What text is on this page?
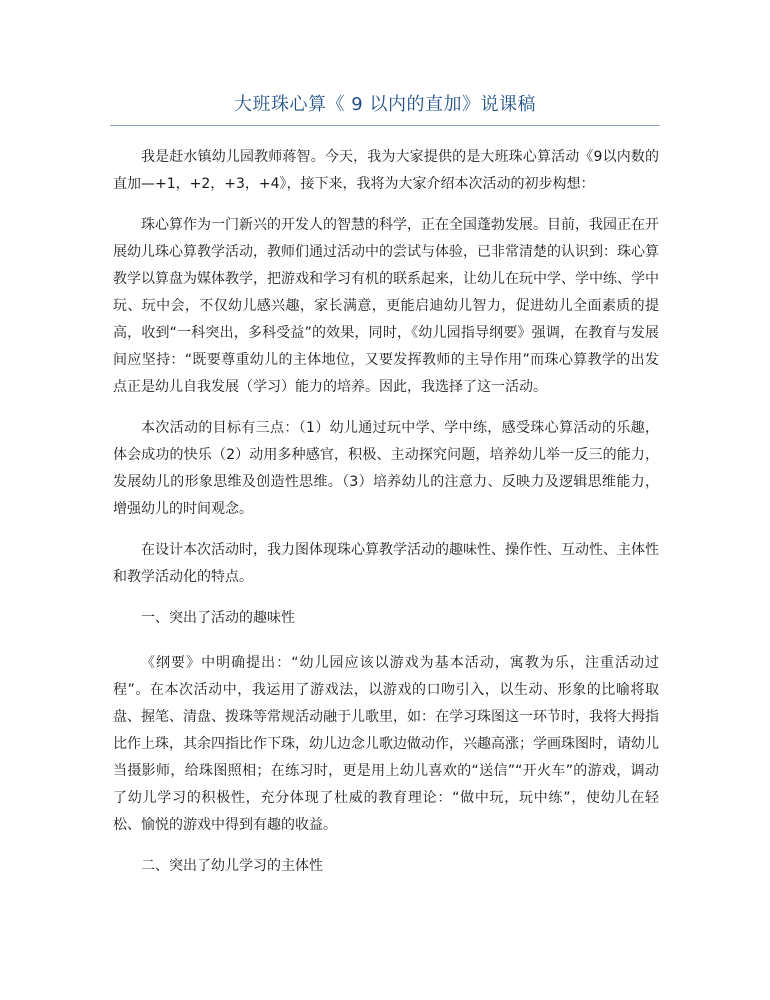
大班珠心算《 9 以内的直加》说课稿

我是赶水镇幼儿园教师蒋智。今天，我为大家提供的是大班珠心算活动《9以内数的直加—+1，+2，+3，+4》，接下来，我将为大家介绍本次活动的初步构想：

珠心算作为一门新兴的开发人的智慧的科学，正在全国蓬勃发展。目前，我园正在开展幼儿珠心算教学活动，教师们通过活动中的尝试与体验，已非常清楚的认识到：珠心算教学以算盘为媒体教学，把游戏和学习有机的联系起来，让幼儿在玩中学、学中练、学中玩、玩中会，不仅幼儿感兴趣，家长满意，更能启迪幼儿智力，促进幼儿全面素质的提高，收到“一科突出，多科受益”的效果，同时，《幼儿园指导纲要》强调，在教育与发展间应坚持：“既要尊重幼儿的主体地位，又要发挥教师的主导作用”而珠心算教学的出发点正是幼儿自我发展（学习）能力的培养。因此，我选择了这一活动。

本次活动的目标有三点：（1）幼儿通过玩中学、学中练，感受珠心算活动的乐趣，体会成功的快乐（2）动用多种感官，积极、主动探究问题，培养幼儿举一反三的能力，发展幼儿的形象思维及创造性思维。（3）培养幼儿的注意力、反映力及逻辑思维能力，增强幼儿的时间观念。

在设计本次活动时，我力图体现珠心算教学活动的趣味性、操作性、互动性、主体性和教学活动化的特点。

一、突出了活动的趣味性

《纲要》中明确提出：“幼儿园应该以游戏为基本活动，寓教为乐，注重活动过程”。在本次活动中，我运用了游戏法，以游戏的口吻引入，以生动、形象的比喻将取盘、握笔、清盘、拨珠等常规活动融于儿歌里，如：在学习珠图这一环节时，我将大拇指比作上珠，其余四指比作下珠，幼儿边念儿歌边做动作，兴趣高涨；学画珠图时，请幼儿当摄影师，给珠图照相；在练习时，更是用上幼儿喜欢的“送信”“开火车”的游戏，调动了幼儿学习的积极性，充分体现了杜威的教育理论：“做中玩，玩中练”，使幼儿在轻松、愉悦的游戏中得到有趣的收益。

二、突出了幼儿学习的主体性
